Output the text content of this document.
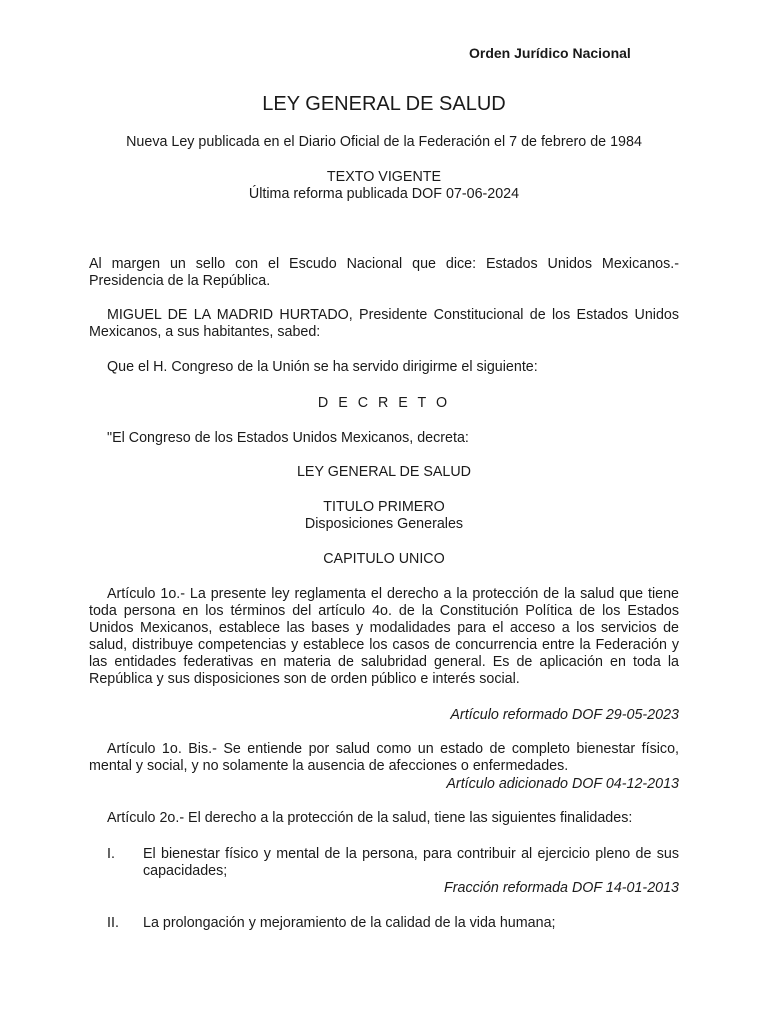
Orden Jurídico Nacional
LEY GENERAL DE SALUD
Nueva Ley publicada en el Diario Oficial de la Federación el 7 de febrero de 1984
TEXTO VIGENTE
Última reforma publicada DOF 07-06-2024
Al margen un sello con el Escudo Nacional que dice: Estados Unidos Mexicanos.- Presidencia de la República.
MIGUEL DE LA MADRID HURTADO, Presidente Constitucional de los Estados Unidos Mexicanos, a sus habitantes, sabed:
Que el H. Congreso de la Unión se ha servido dirigirme el siguiente:
D E C R E T O
"El Congreso de los Estados Unidos Mexicanos, decreta:
LEY GENERAL DE SALUD
TITULO PRIMERO
Disposiciones Generales
CAPITULO UNICO
Artículo 1o.- La presente ley reglamenta el derecho a la protección de la salud que tiene toda persona en los términos del artículo 4o. de la Constitución Política de los Estados Unidos Mexicanos, establece las bases y modalidades para el acceso a los servicios de salud, distribuye competencias y establece los casos de concurrencia entre la Federación y las entidades federativas en materia de salubridad general. Es de aplicación en toda la República y sus disposiciones son de orden público e interés social.
Artículo reformado DOF 29-05-2023
Artículo 1o. Bis.- Se entiende por salud como un estado de completo bienestar físico, mental y social, y no solamente la ausencia de afecciones o enfermedades.
Artículo adicionado DOF 04-12-2013
Artículo 2o.- El derecho a la protección de la salud, tiene las siguientes finalidades:
I. El bienestar físico y mental de la persona, para contribuir al ejercicio pleno de sus capacidades;
Fracción reformada DOF 14-01-2013
II. La prolongación y mejoramiento de la calidad de la vida humana;
